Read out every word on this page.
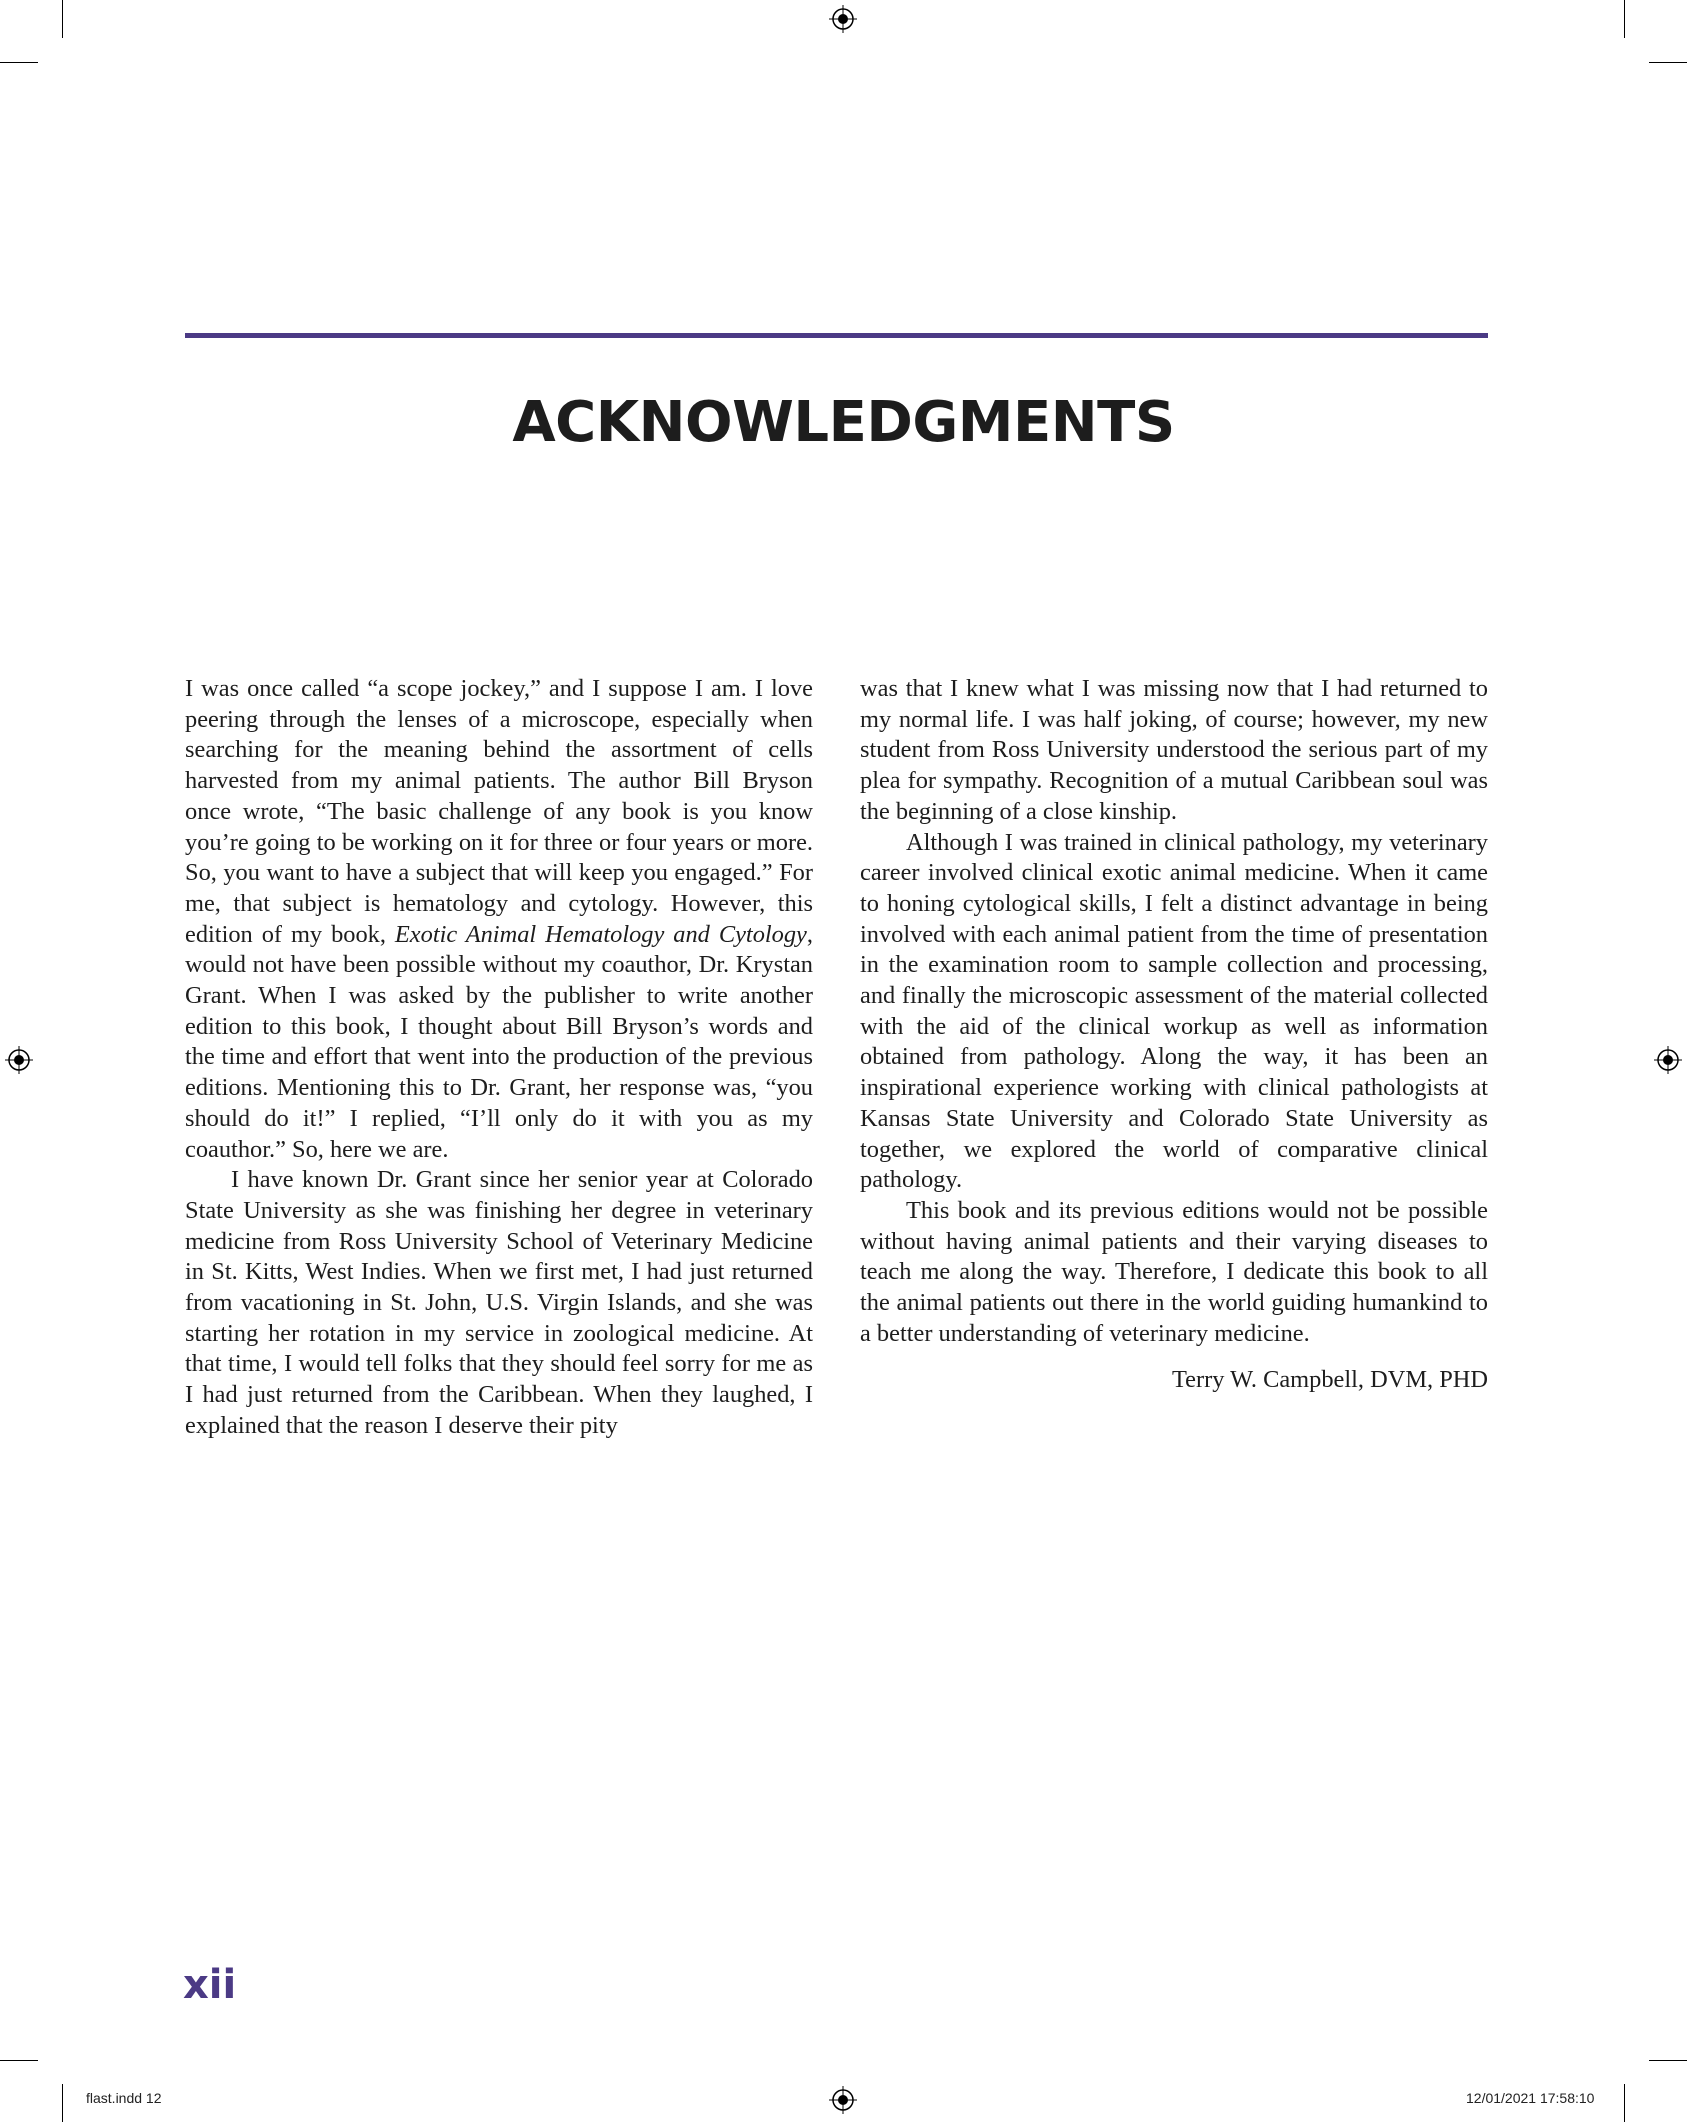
ACKNOWLEDGMENTS

I was once called “a scope jockey,” and I suppose I am. I love peering through the lenses of a microscope, especially when searching for the meaning behind the assortment of cells harvested from my animal patients. The author Bill Bryson once wrote, “The basic challenge of any book is you know you’re going to be working on it for three or four years or more. So, you want to have a subject that will keep you engaged.” For me, that subject is hematology and cytology. However, this edition of my book, Exotic Animal Hematology and Cytology, would not have been possible without my coauthor, Dr. Krystan Grant. When I was asked by the publisher to write another edition to this book, I thought about Bill Bryson’s words and the time and effort that went into the production of the previous editions. Mentioning this to Dr. Grant, her response was, “you should do it!” I replied, “I’ll only do it with you as my coauthor.” So, here we are.

I have known Dr. Grant since her senior year at Colorado State University as she was finishing her degree in veterinary medicine from Ross University School of Veterinary Medicine in St. Kitts, West Indies. When we first met, I had just returned from vacationing in St. John, U.S. Virgin Islands, and she was starting her rotation in my service in zoological medicine. At that time, I would tell folks that they should feel sorry for me as I had just returned from the Caribbean. When they laughed, I explained that the reason I deserve their pity

was that I knew what I was missing now that I had returned to my normal life. I was half joking, of course; however, my new student from Ross University understood the serious part of my plea for sympathy. Recognition of a mutual Caribbean soul was the beginning of a close kinship.

Although I was trained in clinical pathology, my veterinary career involved clinical exotic animal medicine. When it came to honing cytological skills, I felt a distinct advantage in being involved with each animal patient from the time of presentation in the examination room to sample collection and processing, and finally the microscopic assessment of the material collected with the aid of the clinical workup as well as information obtained from pathology. Along the way, it has been an inspirational experience working with clinical pathologists at Kansas State University and Colorado State University as together, we explored the world of comparative clinical pathology.

This book and its previous editions would not be possible without having animal patients and their varying diseases to teach me along the way. Therefore, I dedicate this book to all the animal patients out there in the world guiding humankind to a better understanding of veterinary medicine.

Terry W. Campbell, DVM, PHD

xii
flast.indd 12	12/01/2021 17:58:10
